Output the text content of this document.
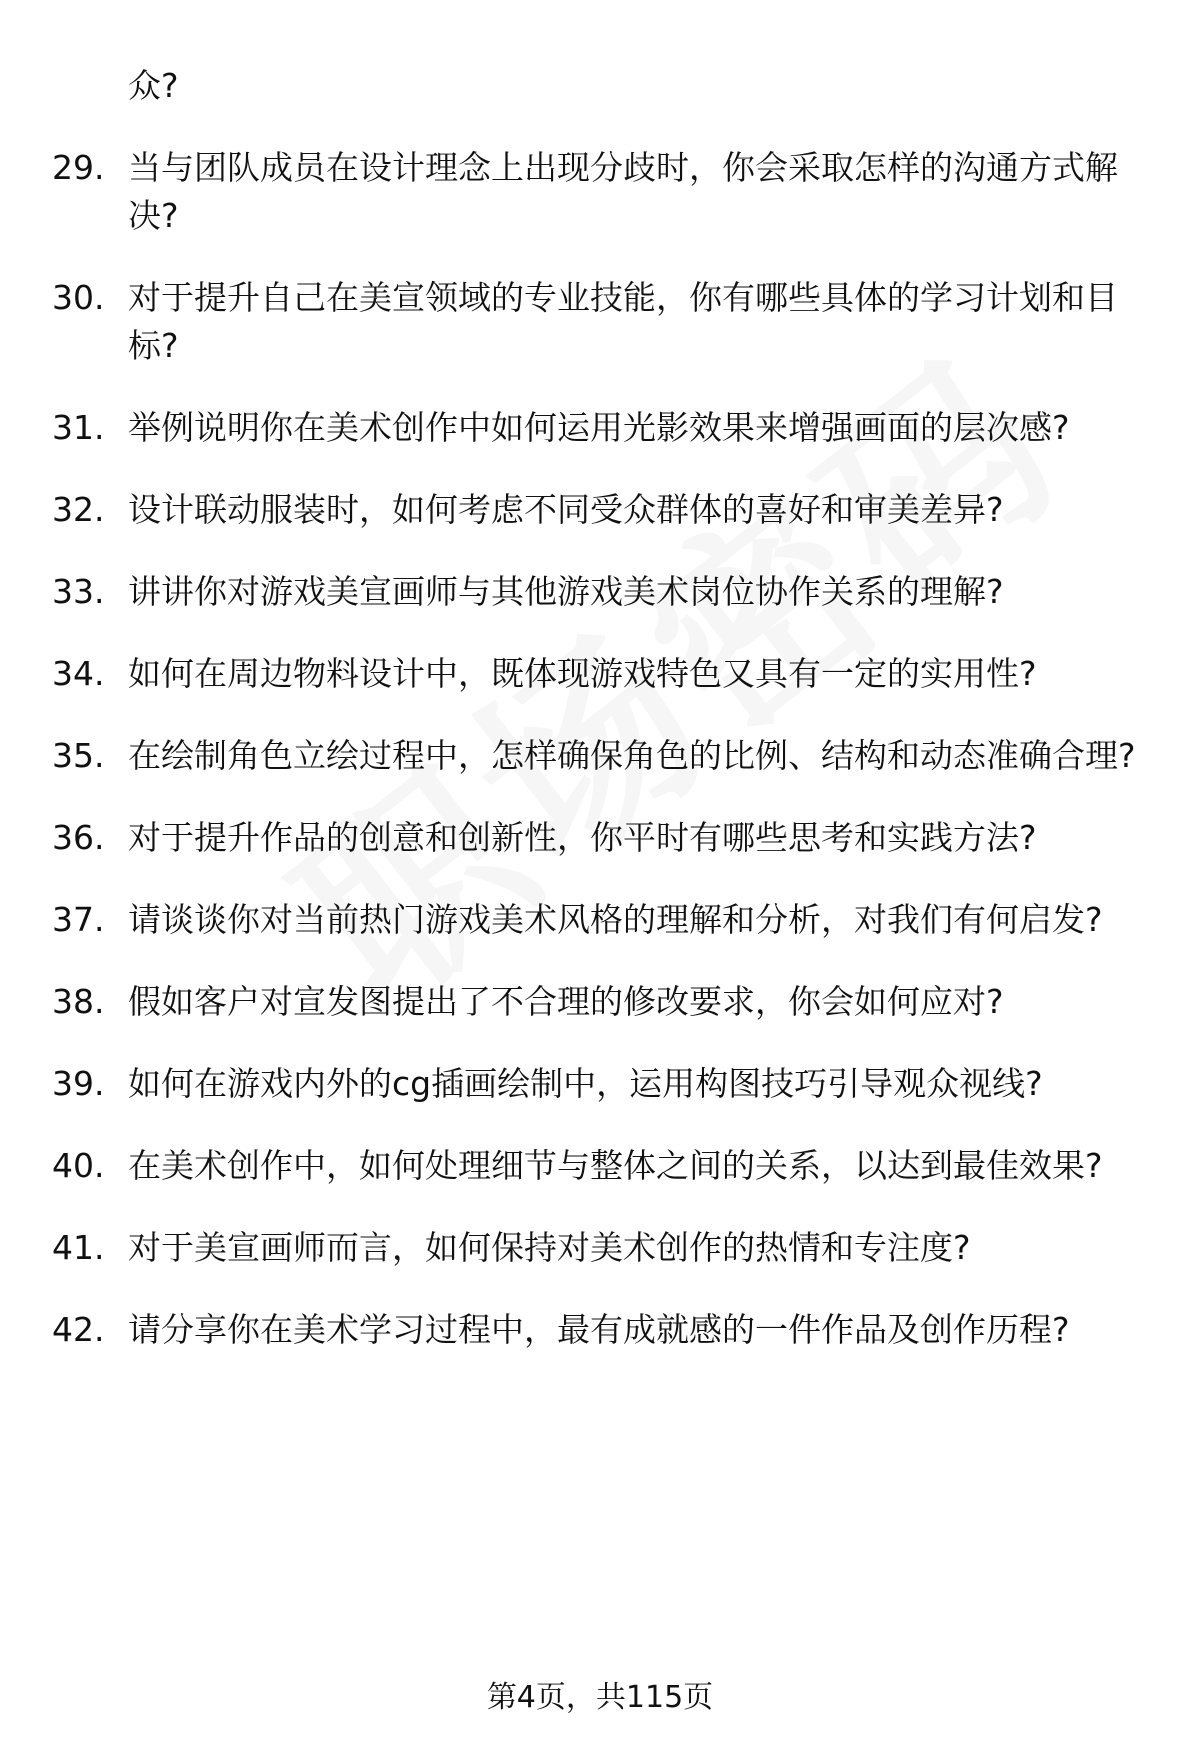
众?

29. 当与团队成员在设计理念上出现分歧时，你会采取怎样的沟通方式解决?
30. 对于提升自己在美宣领域的专业技能，你有哪些具体的学习计划和目标?
31. 举例说明你在美术创作中如何运用光影效果来增强画面的层次感?
32. 设计联动服装时，如何考虑不同受众群体的喜好和审美差异?
33. 讲讲你对游戏美宣画师与其他游戏美术岗位协作关系的理解?
34. 如何在周边物料设计中，既体现游戏特色又具有一定的实用性?
35. 在绘制角色立绘过程中，怎样确保角色的比例、结构和动态准确合理?
36. 对于提升作品的创意和创新性，你平时有哪些思考和实践方法?
37. 请谈谈你对当前热门游戏美术风格的理解和分析，对我们有何启发?
38. 假如客户对宣发图提出了不合理的修改要求，你会如何应对?
39. 如何在游戏内外的cg插画绘制中，运用构图技巧引导观众视线?
40. 在美术创作中，如何处理细节与整体之间的关系，以达到最佳效果?
41. 对于美宣画师而言，如何保持对美术创作的热情和专注度?
42. 请分享你在美术学习过程中，最有成就感的一件作品及创作历程?
第4页，共115页
